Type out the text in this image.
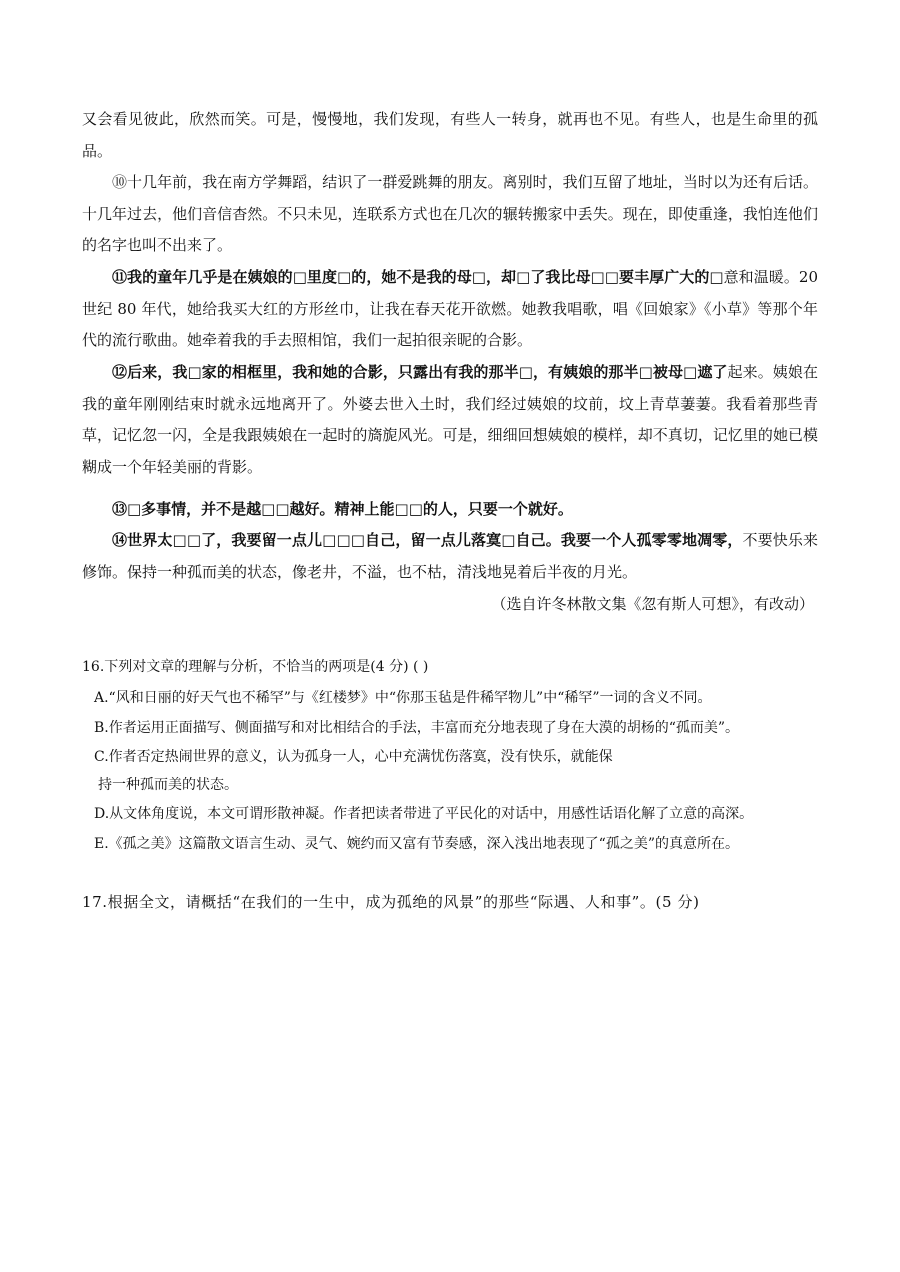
又会看见彼此，欣然而笑。可是，慢慢地，我们发现，有些人一转身，就再也不见。有些人，也是生命里的孤品。
⑩十几年前，我在南方学舞蹈，结识了一群爱跳舞的朋友。离别时，我们互留了地址，当时以为还有后话。十几年过去，他们音信杳然。不只未见，连联系方式也在几次的辗转搬家中丢失。现在，即使重逢，我怕连他们的名字也叫不出来了。
⑪我的童年几乎是在姨娘的□里度□的，她不是我的母□，却□了我比母□□要丰厚广大的□意和温暖。20 世纪 80 年代，她给我买大红的方形丝巾，让我在春天花开欲燃。她教我唱歌，唱《回娘家》《小草》等那个年代的流行歌曲。她牵着我的手去照相馆，我们一起拍很亲昵的合影。
⑫后来，我□家的相框里，我和她的合影，只露出有我的那半□，有姨娘的那半□被母□遮了起来。姨娘在我的童年刚刚结束时就永远地离开了。外婆去世入土时，我们经过姨娘的坟前，坟上青草萋萋。我看着那些青草，记忆忽一闪，全是我跟姨娘在一起时的旖旎风光。可是，细细回想姨娘的模样，却不真切，记忆里的她已模糊成一个年轻美丽的背影。
⑬□多事情，并不是越□□越好。精神上能□□的人，只要一个就好。
⑭世界太□□了，我要留一点儿□□□自己，留一点儿落寞□自己。我要一个人孤零零地凋零，不要快乐来修饰。保持一种孤而美的状态，像老井，不溢，也不枯，清浅地晃着后半夜的月光。
（选自许冬林散文集《忽有斯人可想》，有改动）
16.下列对文章的理解与分析，不恰当的两项是(4 分) ( )
A.“风和日丽的好天气也不稀罕”与《红楼梦》中“你那玉毡是件稀罕物儿”中“稀罕”一词的含义不同。
B.作者运用正面描写、侧面描写和对比相结合的手法，丰富而充分地表现了身在大漠的胡杨的“孤而美”。
C.作者否定热闹世界的意义，认为孤身一人，心中充满忧伤落寞，没有快乐，就能保
持一种孤而美的状态。
D.从文体角度说，本文可谓形散神凝。作者把读者带进了平民化的对话中，用感性话语化解了立意的高深。
E.《孤之美》这篇散文语言生动、灵气、婉约而又富有节奏感，深入浅出地表现了“孤之美”的真意所在。
17.根据全文，请概括“在我们的一生中，成为孤绝的风景”的那些“际遇、人和事”。(5 分)
